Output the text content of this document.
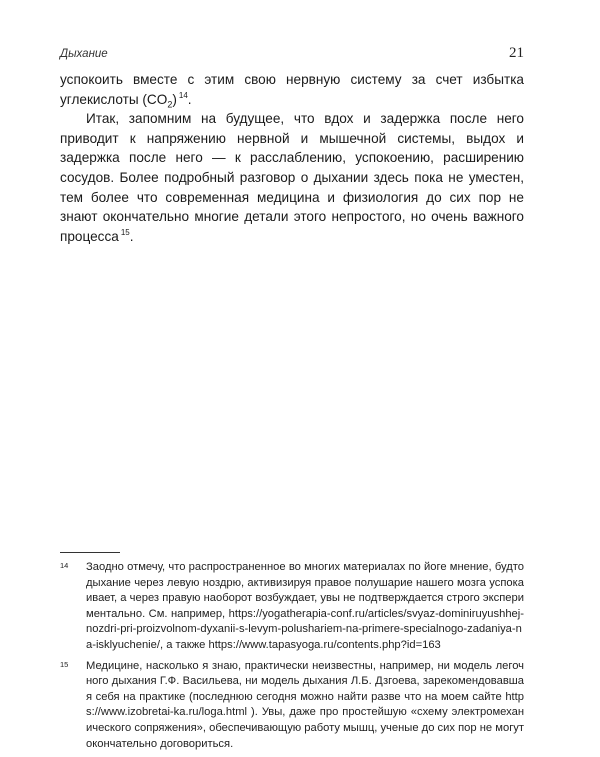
Дыхание	21

успокоить вместе с этим свою нервную систему за счет избытка углекислоты $(CO_2)$ $^{14}$.

Итак, запомним на будущее, что вдох и задержка после него приводит к напряжению нервной и мышечной системы, выдох и задержка после него — к расслаблению, успокоению, расширению сосудов. Более подробный разговор о дыхании здесь пока не уместен, тем более что современная медицина и физиология до сих пор не знают окончательно многие детали этого непростого, но очень важного процесса $^{15}$.

14 Заодно отмечу, что распространенное во многих материалах по йоге мнение, будто дыхание через левую ноздрю, активизируя правое полушарие нашего мозга успокаивает, а через правую наоборот возбуждает, увы не подтверждается строго экспериментально. См. например, https://yogatherapia-conf.ru/articles/svyaz-dominiruyushhej-nozdri-pri-proizvolnom-dyxanii-s-levym-polushariem-na-primere-specialnogo-zadaniya-na-isklyuchenie/, а также https://www.tapasyoga.ru/contents.php?id=163
15 Медицине, насколько я знаю, практически неизвестны, например, ни модель легочного дыхания Г.Ф. Васильева, ни модель дыхания Л.Б. Дзгоева, зарекомендовавшая себя на практике (последнюю сегодня можно найти разве что на моем сайте https://www.izobretai-ka.ru/loga.html ). Увы, даже про простейшую «схему электромеханического сопряжения», обеспечивающую работу мышц, ученые до сих пор не могут окончательно договориться.
